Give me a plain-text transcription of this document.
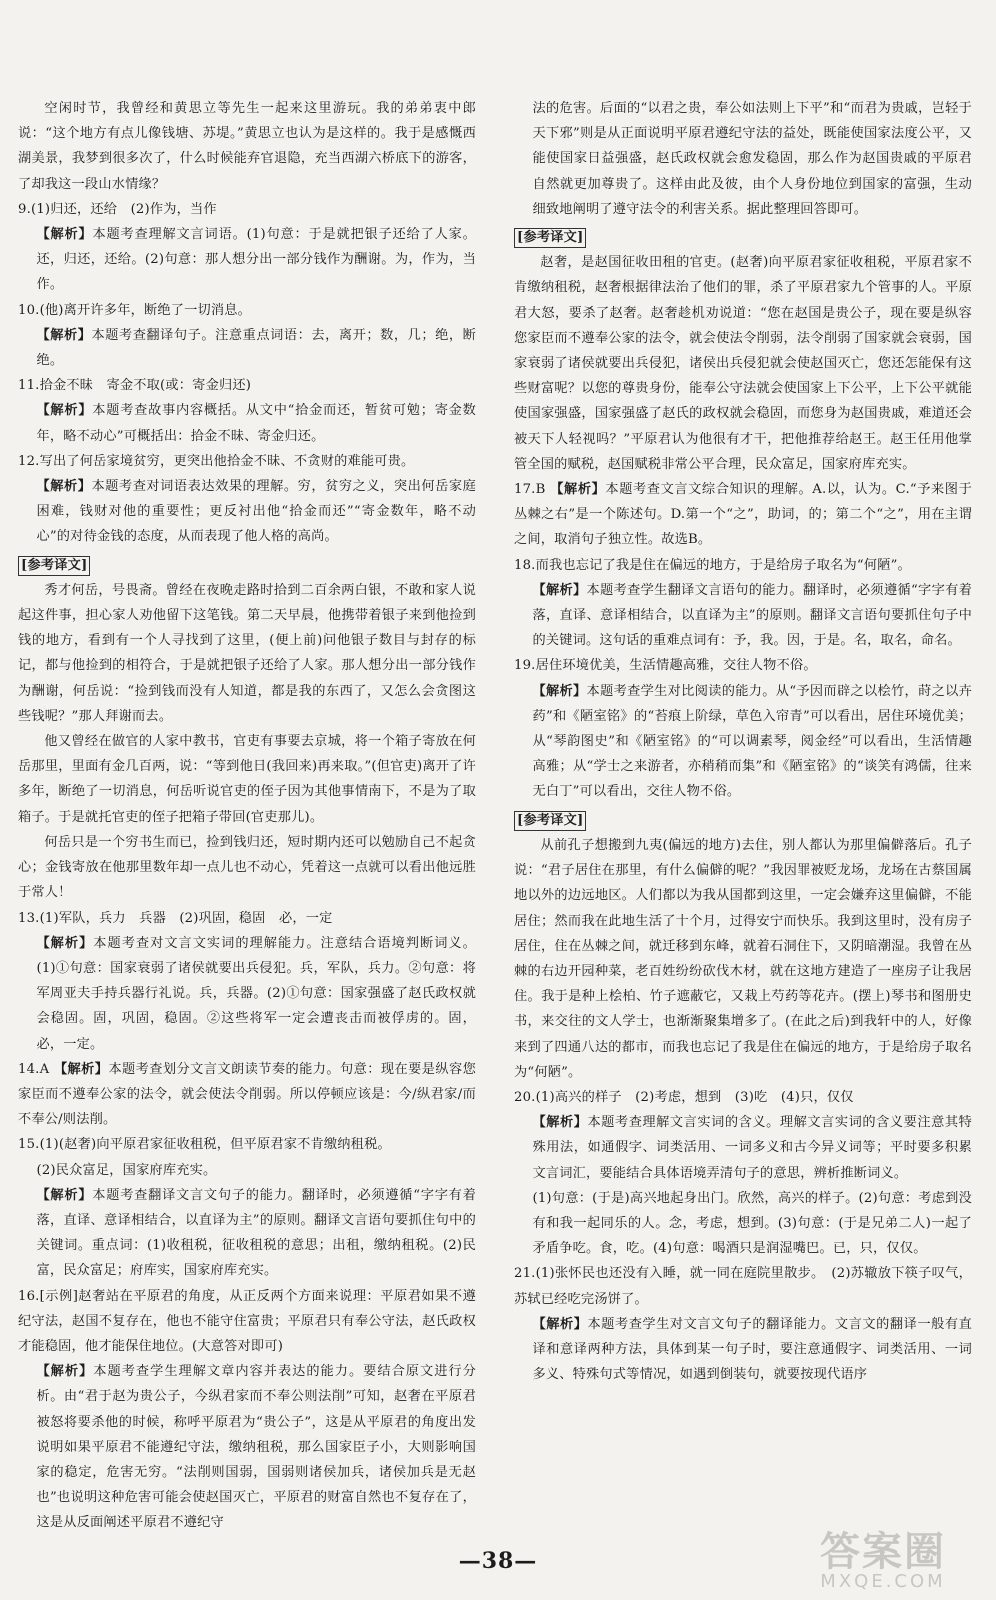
空闲时节，我曾经和黄思立等先生一起来这里游玩。我的弟弟衷中郎说：“这个地方有点儿像钱塘、苏堤。”黄思立也认为是这样的。我于是感慨西湖美景，我梦到很多次了，什么时候能弃官退隐，充当西湖六桥底下的游客，了却我这一段山水情缘？

9.(1)归还，还给　(2)作为，当作

【解析】本题考查理解文言词语。(1)句意：于是就把银子还给了人家。还，归还，还给。(2)句意：那人想分出一部分钱作为酬谢。为，作为，当作。

10.(他)离开许多年，断绝了一切消息。

【解析】本题考查翻译句子。注意重点词语：去，离开；数，几；绝，断绝。

11.拾金不昧　寄金不取(或：寄金归还)

【解析】本题考查故事内容概括。从文中“拾金而还，暂贫可勉；寄金数年，略不动心”可概括出：拾金不昧、寄金归还。

12.写出了何岳家境贫穷，更突出他拾金不昧、不贪财的难能可贵。

【解析】本题考查对词语表达效果的理解。穷，贫穷之义，突出何岳家庭困难，钱财对他的重要性；更反衬出他“拾金而还”“寄金数年，略不动心”的对待金钱的态度，从而表现了他人格的高尚。

[参考译文]

秀才何岳，号畏斋。曾经在夜晚走路时拾到二百余两白银，不敢和家人说起这件事，担心家人劝他留下这笔钱。第二天早晨，他携带着银子来到他捡到钱的地方，看到有一个人寻找到了这里，(便上前)问他银子数目与封存的标记，都与他捡到的相符合，于是就把银子还给了人家。那人想分出一部分钱作为酬谢，何岳说：“捡到钱而没有人知道，都是我的东西了，又怎么会贪图这些钱呢？”那人拜谢而去。

他又曾经在做官的人家中教书，官吏有事要去京城，将一个箱子寄放在何岳那里，里面有金几百两，说：“等到他日(我回来)再来取。”(但官吏)离开了许多年，断绝了一切消息，何岳听说官吏的侄子因为其他事情南下，不是为了取箱子。于是就托官吏的侄子把箱子带回(官吏那儿)。

何岳只是一个穷书生而已，捡到钱归还，短时期内还可以勉励自己不起贪心；金钱寄放在他那里数年却一点儿也不动心，凭着这一点就可以看出他远胜于常人！

13.(1)军队，兵力　兵器　(2)巩固，稳固　必，一定

【解析】本题考查对文言文实词的理解能力。注意结合语境判断词义。(1)①句意：国家衰弱了诸侯就要出兵侵犯。兵，军队，兵力。②句意：将军周亚夫手持兵器行礼说。兵，兵器。(2)①句意：国家强盛了赵氏政权就会稳固。固，巩固，稳固。②这些将军一定会遭丧击而被俘虏的。固，必，一定。

14.A 【解析】本题考查划分文言文朗读节奏的能力。句意：现在要是纵容您家臣而不遵奉公家的法令，就会使法令削弱。所以停顿应该是：今/纵君家/而不奉公/则法削。

15.(1)(赵奢)向平原君家征收租税，但平原君家不肯缴纳租税。

(2)民众富足，国家府库充实。

【解析】本题考查翻译文言文句子的能力。翻译时，必须遵循“字字有着落，直译、意译相结合，以直译为主”的原则。翻译文言语句要抓住句中的关键词。重点词：(1)收租税，征收租税的意思；出租，缴纳租税。(2)民富，民众富足；府库实，国家府库充实。

16.[示例]赵奢站在平原君的角度，从正反两个方面来说理：平原君如果不遵纪守法，赵国不复存在，他也不能守住富贵；平原君只有奉公守法，赵氏政权才能稳固，他才能保住地位。(大意答对即可)

【解析】本题考查学生理解文章内容并表达的能力。要结合原文进行分析。由“君于赵为贵公子，今纵君家而不奉公则法削”可知，赵奢在平原君被怒将要杀他的时候，称呼平原君为“贵公子”，这是从平原君的角度出发说明如果平原君不能遵纪守法，缴纳租税，那么国家臣子小，大则影响国家的稳定，危害无穷。“法削则国弱，国弱则诸侯加兵，诸侯加兵是无赵也”也说明这种危害可能会使赵国灭亡，平原君的财富自然也不复存在了，这是从反面阐述平原君不遵纪守

法的危害。后面的“以君之贵，奉公如法则上下平”和“而君为贵戚，岂轻于天下邪”则是从正面说明平原君遵纪守法的益处，既能使国家法度公平，又能使国家日益强盛，赵氏政权就会愈发稳固，那么作为赵国贵戚的平原君自然就更加尊贵了。这样由此及彼，由个人身份地位到国家的富强，生动细致地阐明了遵守法令的利害关系。据此整理回答即可。

[参考译文]

赵奢，是赵国征收田租的官吏。(赵奢)向平原君家征收租税，平原君家不肯缴纳租税，赵奢根据律法治了他们的罪，杀了平原君家九个管事的人。平原君大怒，要杀了赵奢。赵奢趁机劝说道：“您在赵国是贵公子，现在要是纵容您家臣而不遵奉公家的法令，就会使法令削弱，法令削弱了国家就会衰弱，国家衰弱了诸侯就要出兵侵犯，诸侯出兵侵犯就会使赵国灭亡，您还怎能保有这些财富呢？以您的尊贵身份，能奉公守法就会使国家上下公平，上下公平就能使国家强盛，国家强盛了赵氏的政权就会稳固，而您身为赵国贵戚，难道还会被天下人轻视吗？”平原君认为他很有才干，把他推荐给赵王。赵王任用他掌管全国的赋税，赵国赋税非常公平合理，民众富足，国家府库充实。

17.B 【解析】本题考查文言文综合知识的理解。A.以，认为。C.“予来图于丛棘之右”是一个陈述句。D.第一个“之”，助词，的；第二个“之”，用在主谓之间，取消句子独立性。故选B。

18.而我也忘记了我是住在偏远的地方，于是给房子取名为“何陋”。

【解析】本题考查学生翻译文言语句的能力。翻译时，必须遵循“字字有着落，直译、意译相结合，以直译为主”的原则。翻译文言语句要抓住句子中的关键词。这句话的重难点词有：予，我。因，于是。名，取名，命名。

19.居住环境优美，生活情趣高雅，交往人物不俗。

【解析】本题考查学生对比阅读的能力。从“予因而辟之以桧竹，莳之以卉药”和《陋室铭》的“苔痕上阶绿，草色入帘青”可以看出，居住环境优美；从“琴韵图史”和《陋室铭》的“可以调素琴，阅金经”可以看出，生活情趣高雅；从“学士之来游者，亦稍稍而集”和《陋室铭》的“谈笑有鸿儒，往来无白丁”可以看出，交往人物不俗。

[参考译文]

从前孔子想搬到九夷(偏远的地方)去住，别人都认为那里偏僻落后。孔子说：“君子居住在那里，有什么偏僻的呢？”我因罪被贬龙场，龙场在古蔡国属地以外的边远地区。人们都以为我从国都到这里，一定会嫌弃这里偏僻，不能居住；然而我在此地生活了十个月，过得安宁而快乐。我到这里时，没有房子居住，住在丛棘之间，就迁移到东峰，就着石洞住下，又阴暗潮湿。我曾在丛棘的右边开园种菜，老百姓纷纷砍伐木材，就在这地方建造了一座房子让我居住。我于是种上桧柏、竹子遮蔽它，又栽上芍药等花卉。(摆上)琴书和图册史书，来交往的文人学士，也渐渐聚集增多了。(在此之后)到我轩中的人，好像来到了四通八达的都市，而我也忘记了我是住在偏远的地方，于是给房子取名为“何陋”。

20.(1)高兴的样子　(2)考虑，想到　(3)吃　(4)只，仅仅

【解析】本题考查理解文言实词的含义。理解文言实词的含义要注意其特殊用法，如通假字、词类活用、一词多义和古今异义词等；平时要多积累文言词汇，要能结合具体语境弄清句子的意思，辨析推断词义。

(1)句意：(于是)高兴地起身出门。欣然，高兴的样子。(2)句意：考虑到没有和我一起同乐的人。念，考虑，想到。(3)句意：(于是兄弟二人)一起了矛盾争吃。食，吃。(4)句意：喝酒只是润湿嘴巴。已，只，仅仅。

21.(1)张怀民也还没有入睡，就一同在庭院里散步。　(2)苏辙放下筷子叹气，苏轼已经吃完汤饼了。

【解析】本题考查学生对文言文句子的翻译能力。文言文的翻译一般有直译和意译两种方法，具体到某一句子时，要注意通假字、词类活用、一词多义、特殊句式等情况，如遇到倒装句，就要按现代语序

—38—	答案圈
MXQE.COM
